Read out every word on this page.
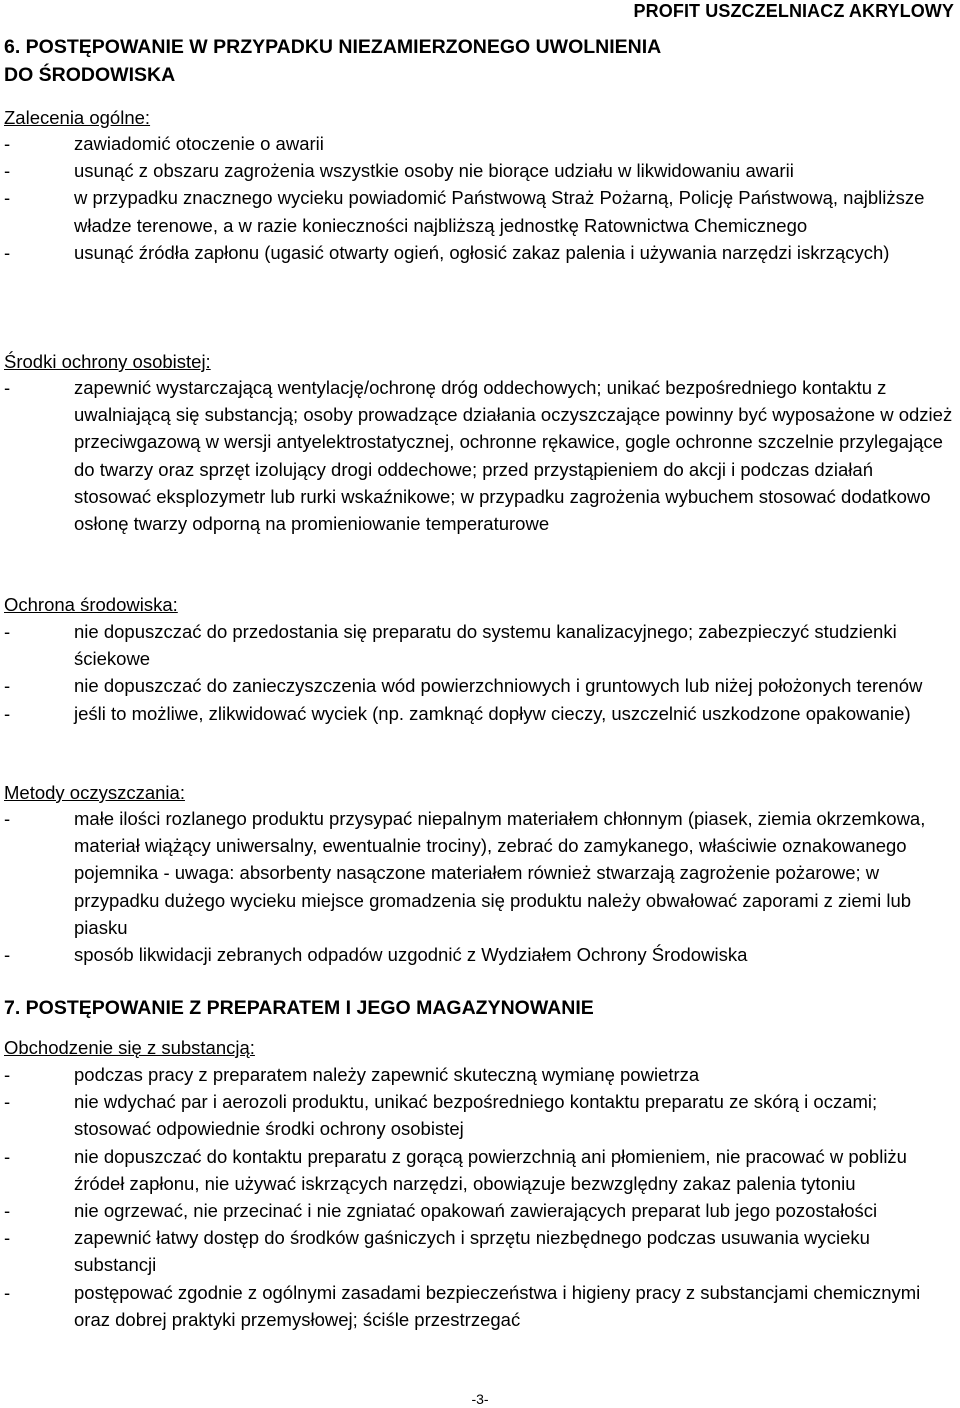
PROFIT USZCZELNIACZ AKRYLOWY
6. POSTĘPOWANIE W PRZYPADKU NIEZAMIERZONEGO UWOLNIENIA
DO ŚRODOWISKA
Zalecenia ogólne:
-	zawiadomić otoczenie o awarii
-	usunąć z obszaru zagrożenia wszystkie osoby nie biorące udziału w likwidowaniu awarii
-	w przypadku znacznego wycieku powiadomić Państwową Straż Pożarną, Policję Państwową, najbliższe władze terenowe, a w razie konieczności najbliższą jednostkę Ratownictwa Chemicznego
-	usunąć źródła zapłonu (ugasić otwarty ogień, ogłosić zakaz palenia i używania narzędzi iskrzących)
Środki ochrony osobistej:
-	zapewnić wystarczającą wentylację/ochronę dróg oddechowych; unikać bezpośredniego kontaktu z uwalniającą się substancją; osoby prowadzące działania oczyszczające powinny być wyposażone w odzież przeciwgazową w wersji antyelektrostatycznej, ochronne rękawice, gogle ochronne szczelnie przylegające do twarzy oraz sprzęt izolujący drogi oddechowe; przed przystąpieniem do akcji i podczas działań stosować eksplozymetr lub rurki wskaźnikowe; w przypadku zagrożenia wybuchem stosować dodatkowo osłonę twarzy odporną na promieniowanie temperaturowe
Ochrona środowiska:
-	nie dopuszczać do przedostania się preparatu do systemu kanalizacyjnego; zabezpieczyć studzienki ściekowe
-	nie dopuszczać do zanieczyszczenia wód powierzchniowych i gruntowych lub niżej położonych terenów
-	jeśli to możliwe, zlikwidować wyciek (np. zamknąć dopływ cieczy, uszczelnić uszkodzone opakowanie)
Metody oczyszczania:
-	małe ilości rozlanego produktu przysypać niepalnym materiałem chłonnym (piasek, ziemia okrzemkowa, materiał wiążący uniwersalny, ewentualnie trociny), zebrać do zamykanego, właściwie oznakowanego pojemnika - uwaga: absorbenty nasączone materiałem również stwarzają zagrożenie pożarowe; w przypadku dużego wycieku miejsce gromadzenia się produktu należy obwałować zaporami z ziemi lub piasku
-	sposób likwidacji zebranych odpadów uzgodnić z Wydziałem Ochrony Środowiska
7. POSTĘPOWANIE Z PREPARATEM I JEGO MAGAZYNOWANIE
Obchodzenie się z substancją:
-	podczas pracy z preparatem należy zapewnić skuteczną wymianę powietrza
-	nie wdychać par i aerozoli produktu, unikać bezpośredniego kontaktu preparatu ze skórą i oczami; stosować odpowiednie środki ochrony osobistej
-	nie dopuszczać do kontaktu preparatu z gorącą powierzchnią ani płomieniem, nie pracować w pobliżu źródeł zapłonu, nie używać iskrzących narzędzi, obowiązuje bezwzględny zakaz palenia tytoniu
-	nie ogrzewać, nie przecinać i nie zgniatać opakowań zawierających preparat lub jego pozostałości
-	zapewnić łatwy dostęp do środków gaśniczych i sprzętu niezbędnego podczas usuwania wycieku substancji
-	postępować zgodnie z ogólnymi zasadami bezpieczeństwa i higieny pracy z substancjami chemicznymi oraz dobrej praktyki przemysłowej; ściśle przestrzegać
-3-
